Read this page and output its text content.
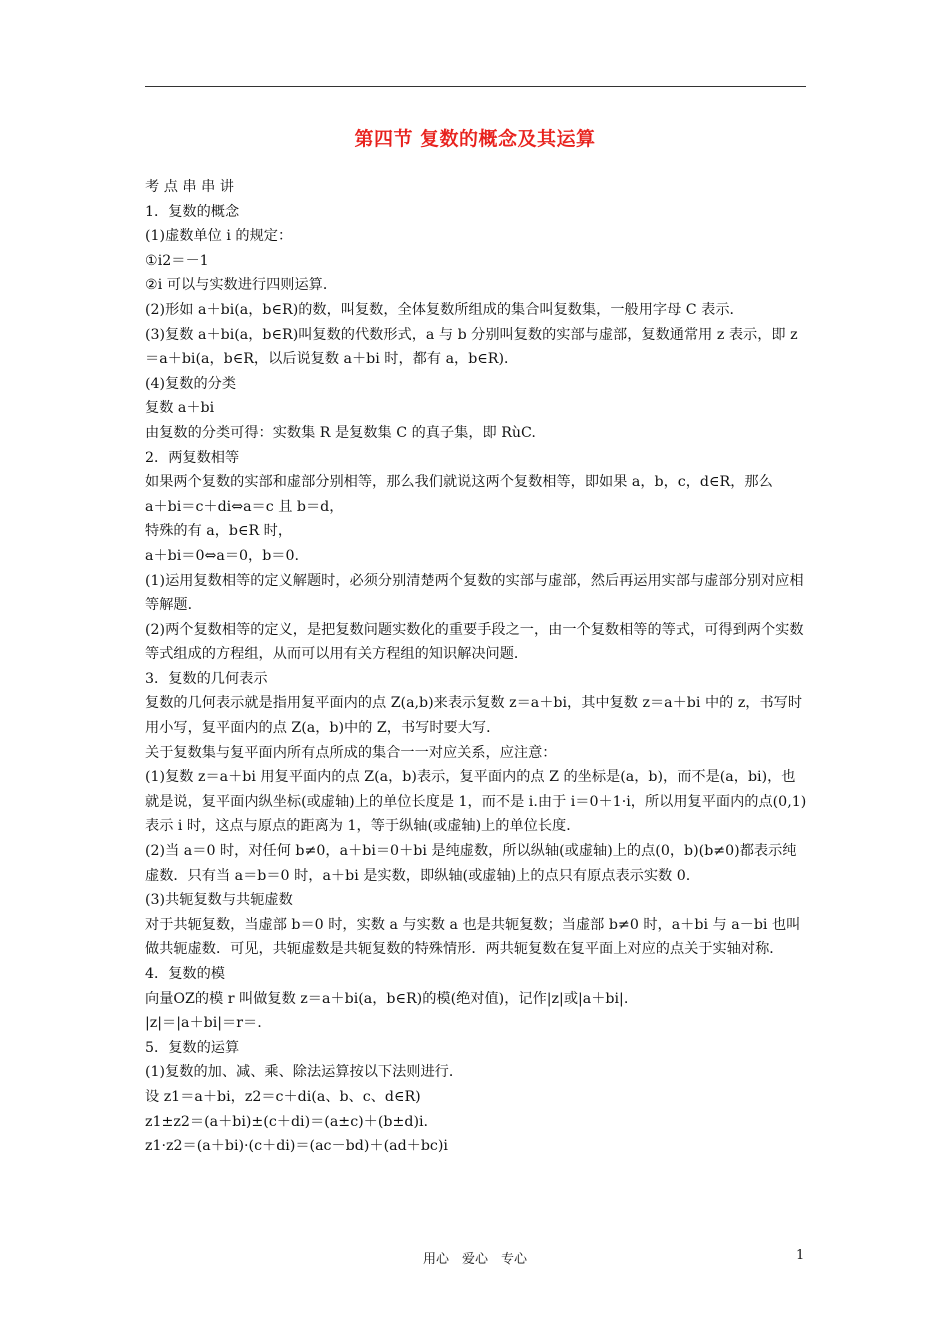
第四节 复数的概念及其运算

考 点 串 串 讲

1．复数的概念

(1)虚数单位 i 的规定：

①i2＝－1

②i 可以与实数进行四则运算．

(2)形如 a＋bi(a，b∈R)的数，叫复数，全体复数所组成的集合叫复数集，一般用字母 C 表示．

(3)复数 a＋bi(a，b∈R)叫复数的代数形式，a 与 b 分别叫复数的实部与虚部，复数通常用 z 表示，即 z＝a＋bi(a，b∈R，以后说复数 a＋bi 时，都有 a，b∈R)．

(4)复数的分类

复数 a＋bi

由复数的分类可得：实数集 R 是复数集 C 的真子集，即 RùC.

2．两复数相等

如果两个复数的实部和虚部分别相等，那么我们就说这两个复数相等，即如果 a，b，c，d∈R，那么

a＋bi＝c＋di⇔a＝c 且 b＝d，

特殊的有 a，b∈R 时，

a＋bi＝0⇔a＝0，b＝0.

(1)运用复数相等的定义解题时，必须分别清楚两个复数的实部与虚部，然后再运用实部与虚部分别对应相等解题．

(2)两个复数相等的定义，是把复数问题实数化的重要手段之一，由一个复数相等的等式，可得到两个实数等式组成的方程组，从而可以用有关方程组的知识解决问题．

3．复数的几何表示

复数的几何表示就是指用复平面内的点 Z(a,b)来表示复数 z＝a＋bi，其中复数 z＝a＋bi 中的 z，书写时用小写，复平面内的点 Z(a，b)中的 Z，书写时要大写．

关于复数集与复平面内所有点所成的集合一一对应关系，应注意：

(1)复数 z＝a＋bi 用复平面内的点 Z(a，b)表示，复平面内的点 Z 的坐标是(a，b)，而不是(a，bi)，也就是说，复平面内纵坐标(或虚轴)上的单位长度是 1，而不是 i.由于 i＝0＋1·i，所以用复平面内的点(0,1)表示 i 时，这点与原点的距离为 1，等于纵轴(或虚轴)上的单位长度．

(2)当 a＝0 时，对任何 b≠0，a＋bi＝0＋bi 是纯虚数，所以纵轴(或虚轴)上的点(0，b)(b≠0)都表示纯虚数．只有当 a＝b＝0 时，a＋bi 是实数，即纵轴(或虚轴)上的点只有原点表示实数 0.

(3)共轭复数与共轭虚数

对于共轭复数，当虚部 b＝0 时，实数 a 与实数 a 也是共轭复数；当虚部 b≠0 时，a＋bi 与 a－bi 也叫做共轭虚数．可见，共轭虚数是共轭复数的特殊情形．两共轭复数在复平面上对应的点关于实轴对称．

4．复数的模

向量OZ的模 r 叫做复数 z＝a＋bi(a，b∈R)的模(绝对值)，记作|z|或|a＋bi|.

|z|＝|a＋bi|＝r＝.

5．复数的运算

(1)复数的加、减、乘、除法运算按以下法则进行．

设 z1＝a＋bi，z2＝c＋di(a、b、c、d∈R)

z1±z2＝(a＋bi)±(c＋di)＝(a±c)＋(b±d)i.

z1·z2＝(a＋bi)·(c＋di)＝(ac－bd)＋(ad＋bc)i

用心　爱心　专心	1
